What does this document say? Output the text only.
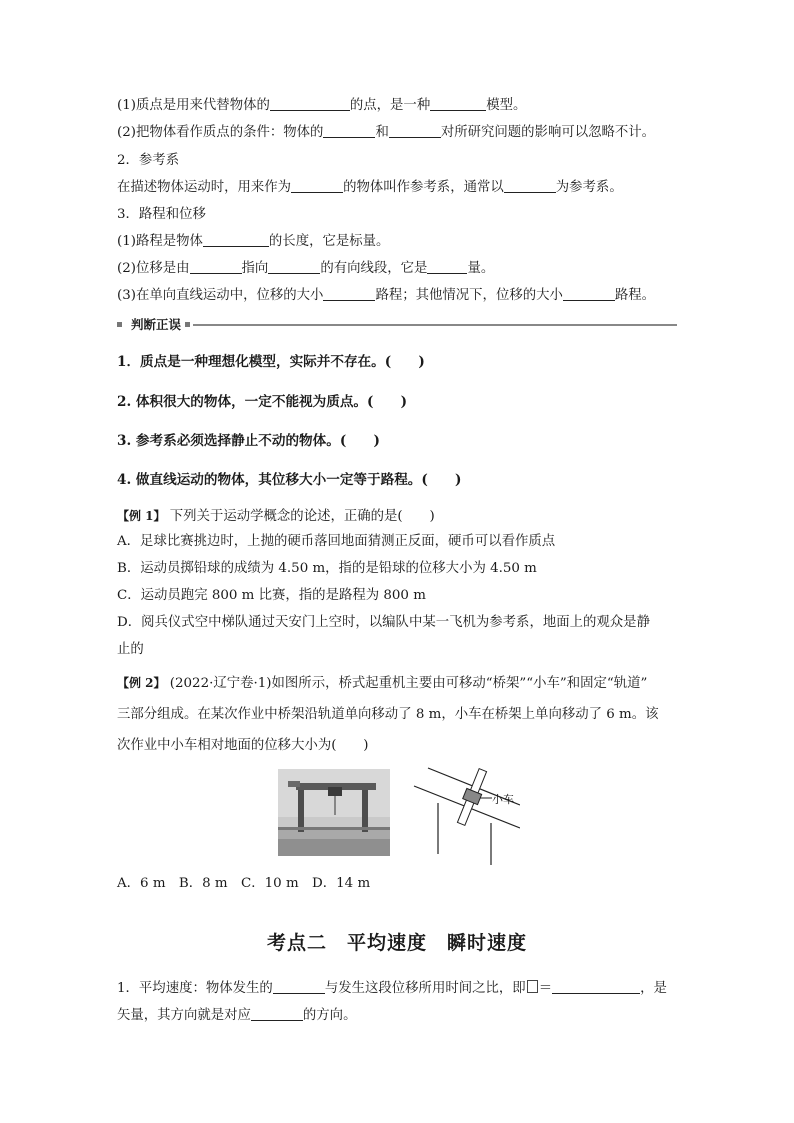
(1)质点是用来代替物体的	的点，是一种	模型。
(2)把物体看作质点的条件：物体的	和	对所研究问题的影响可以忽略不计。
2．参考系
在描述物体运动时，用来作为	的物体叫作参考系，通常以	为参考系。
3．路程和位移
(1)路程是物体	的长度，它是标量。
(2)位移是由	指向	的有向线段，它是	量。
(3)在单向直线运动中，位移的大小	路程；其他情况下，位移的大小	路程。
判断正误
1．质点是一种理想化模型，实际并不存在。(　　)
2. 体积很大的物体，一定不能视为质点。(　　)
3. 参考系必须选择静止不动的物体。(　　)
4. 做直线运动的物体，其位移大小一定等于路程。(　　)
【例 1】 下列关于运动学概念的论述，正确的是(　　)
A．足球比赛挑边时，上抛的硬币落回地面猜测正反面，硬币可以看作质点
B．运动员掷铅球的成绩为 4.50 m，指的是铅球的位移大小为 4.50 m
C．运动员跑完 800 m 比赛，指的是路程为 800 m
D．阅兵仪式空中梯队通过天安门上空时，以编队中某一飞机为参考系，地面上的观众是静
止的
【例 2】 (2022·辽宁卷·1)如图所示，桥式起重机主要由可移动“桥架”“小车”和固定“轨道”
三部分组成。在某次作业中桥架沿轨道单向移动了 8 m，小车在桥架上单向移动了 6 m。该
次作业中小车相对地面的位移大小为(　　)
小车
A．6 m　B．8 m　C．10 m　D．14 m
考点二　平均速度　瞬时速度
1．平均速度：物体发生的	与发生这段位移所用时间之比，即 ＝	，是
矢量，其方向就是对应	的方向。
